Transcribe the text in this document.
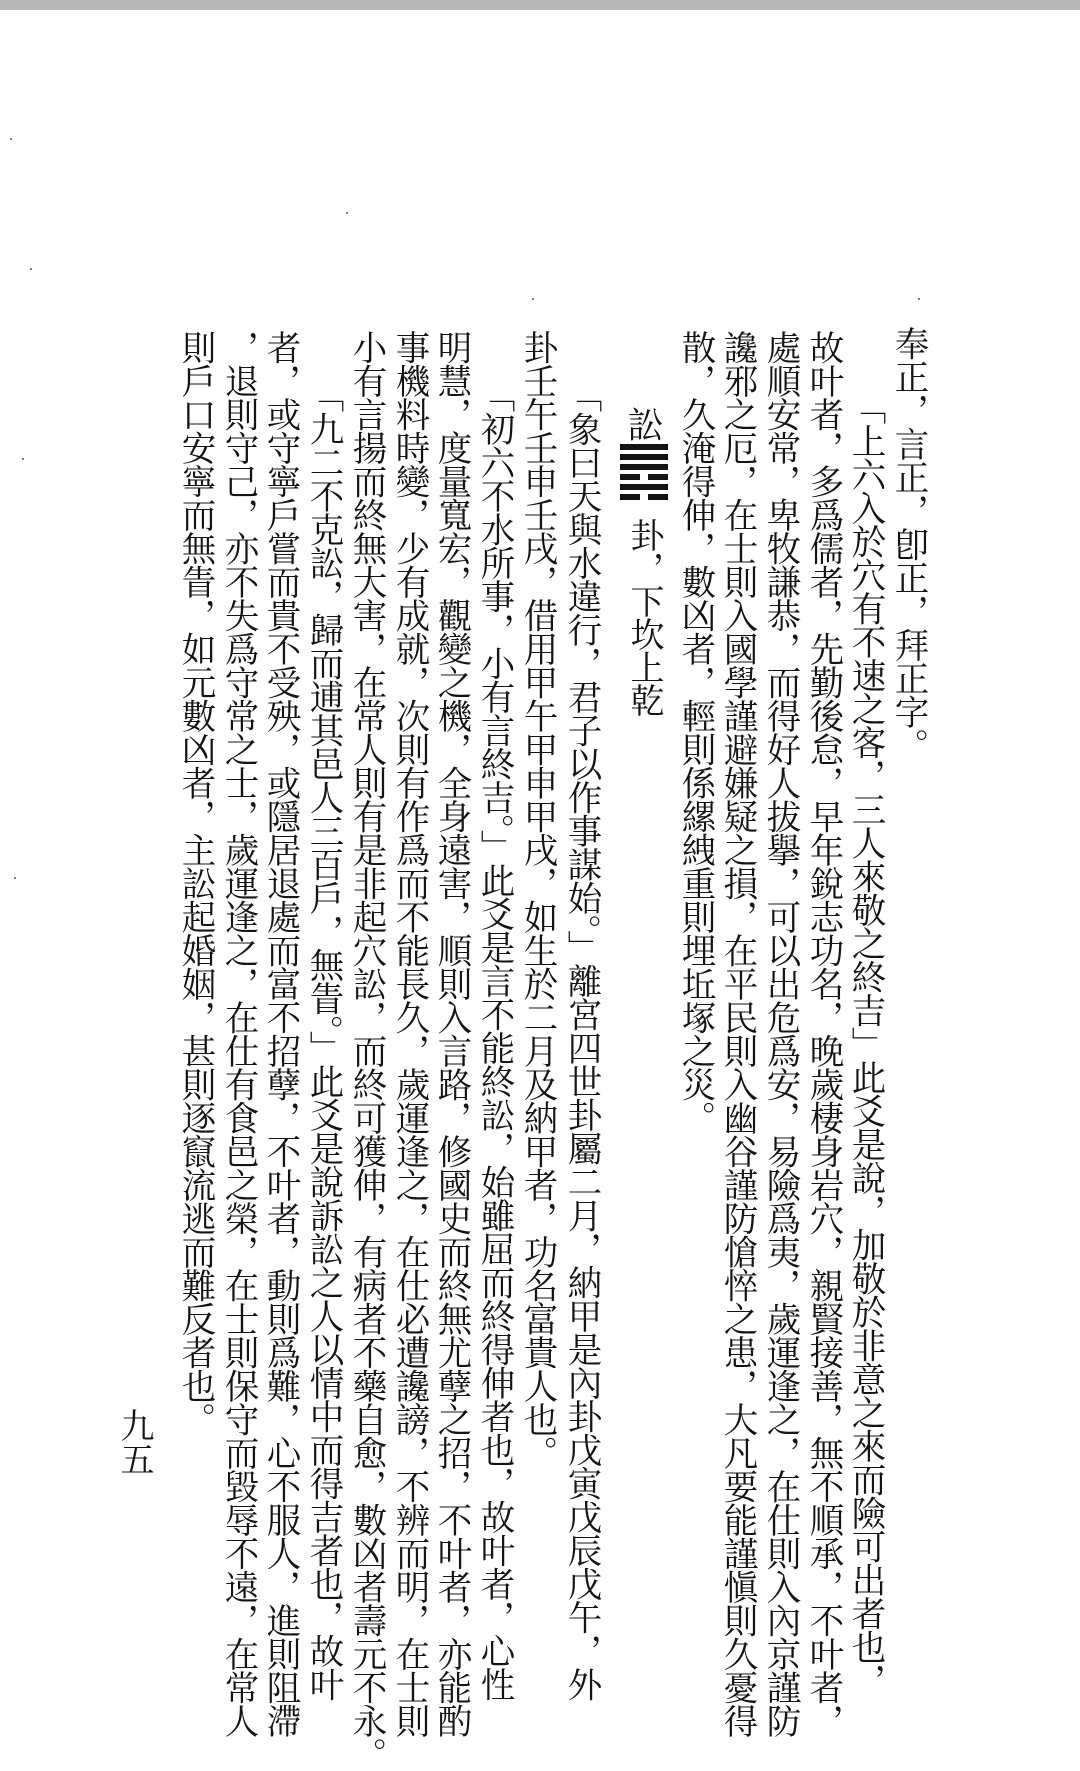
奉正，言正，卽正，拜正字。
「上六入於穴有不速之客，三人來敬之終吉」此爻是說，加敬於非意之來而險可出者也，
故叶者，多爲儒者，先勤後怠，早年銳志功名，晚歲棲身岩穴，親賢接善，無不順承，不叶者，
處順安常，卑牧謙恭，而得好人拔擧，可以出危爲安，易險爲夷，歲運逢之，在仕則入內京謹防
讒邪之厄，在士則入國學謹避嫌疑之損，在平民則入幽谷謹防愴悴之患，大凡要能謹愼則久憂得
散，久淹得伸，數凶者，輕則係縲絏重則埋坵塚之災。
訟
卦，下坎上乾
「象曰天與水違行，君子以作事謀始。」離宮四世卦屬二月，納甲是內卦戊寅戊辰戊午，外
卦壬午壬申壬戌，借用甲午甲申甲戌，如生於二月及納甲者，功名富貴人也。
「初六不水所事，小有言終吉。」此爻是言不能終訟，始雖屈而終得伸者也，故叶者，心性
明慧，度量寬宏，觀變之機，全身遠害，順則入言路，修國史而終無尤孽之招，不叶者，亦能酌
事機料時變，少有成就，次則有作爲而不能長久，歲運逢之，在仕必遭讒謗，不辨而明，在士則
小有言揚而終無大害，在常人則有是非起穴訟，而終可獲伸，有病者不藥自愈，數凶者壽元不永。
「九二不克訟，歸而逋其邑人三百戶，無眚。」此爻是說訴訟之人以情中而得吉者也，故叶
者，或守寧戶嘗而貴不受殃，或隱居退處而富不招孽，不叶者，動則爲難，心不服人，進則阻滯
，退則守己，亦不失爲守常之士，歲運逢之，在仕有食邑之榮，在士則保守而毀辱不遠，在常人
則戶口安寧而無眚，如元數凶者，主訟起婚姻，甚則逐竄流逃而難反者也。
九五
